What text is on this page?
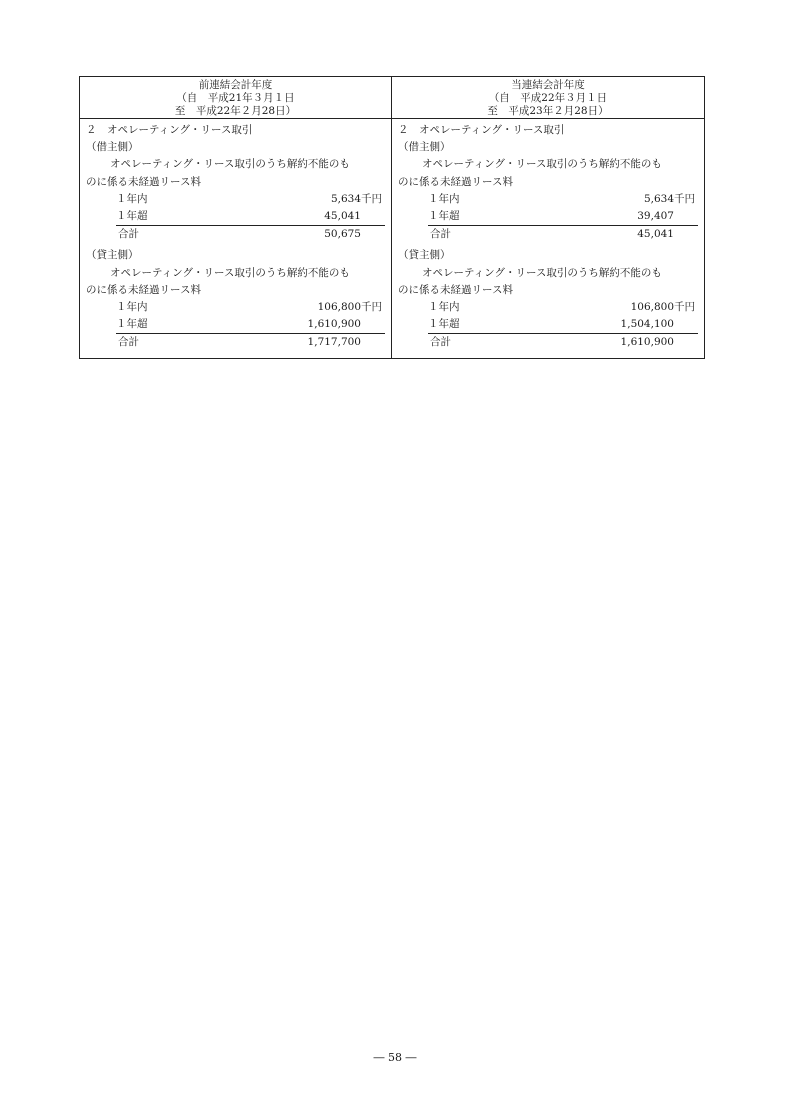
前連結会計年度
（自　平成21年３月１日
至　平成22年２月28日）
２　オペレーティング・リース取引
（借主側）
オペレーティング・リース取引のうち解約不能のも
のに係る未経過リース料
１年内	5,634千円
１年超	45,041
合計	50,675
（貸主側）
オペレーティング・リース取引のうち解約不能のも
のに係る未経過リース料
１年内	106,800千円
１年超	1,610,900
合計	1,717,700
当連結会計年度
（自　平成22年３月１日
至　平成23年２月28日）
２　オペレーティング・リース取引
（借主側）
オペレーティング・リース取引のうち解約不能のも
のに係る未経過リース料
１年内	5,634千円
１年超	39,407
合計	45,041
（貸主側）
オペレーティング・リース取引のうち解約不能のも
のに係る未経過リース料
１年内	106,800千円
１年超	1,504,100
合計	1,610,900
― 58 ―
